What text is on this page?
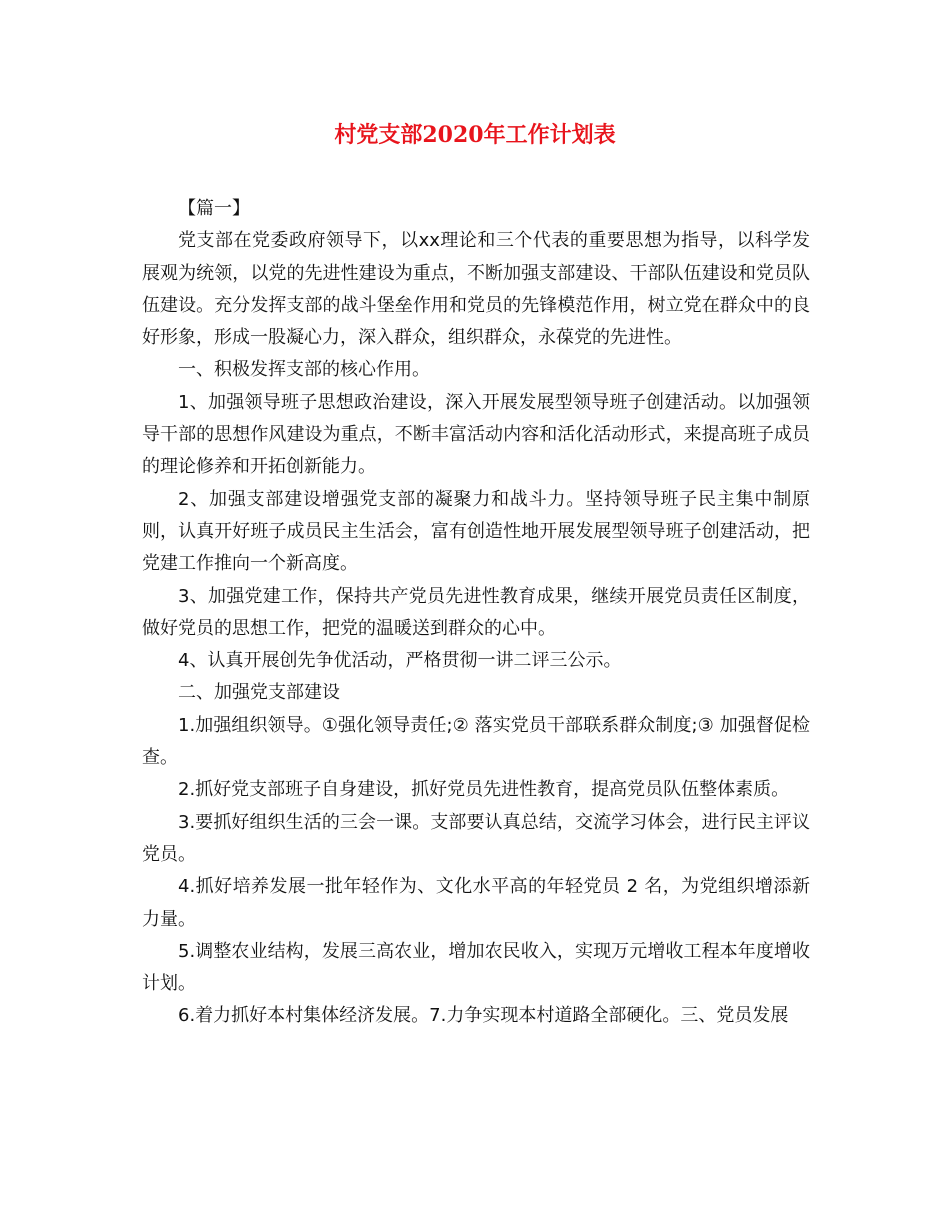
村党支部2020年工作计划表

【篇一】

党支部在党委政府领导下，以xx理论和三个代表的重要思想为指导，以科学发展观为统领，以党的先进性建设为重点，不断加强支部建设、干部队伍建设和党员队伍建设。充分发挥支部的战斗堡垒作用和党员的先锋模范作用，树立党在群众中的良好形象，形成一股凝心力，深入群众，组织群众，永葆党的先进性。

一、积极发挥支部的核心作用。

1、加强领导班子思想政治建设，深入开展发展型领导班子创建活动。以加强领导干部的思想作风建设为重点，不断丰富活动内容和活化活动形式，来提高班子成员的理论修养和开拓创新能力。

2、加强支部建设增强党支部的凝聚力和战斗力。坚持领导班子民主集中制原则，认真开好班子成员民主生活会，富有创造性地开展发展型领导班子创建活动，把党建工作推向一个新高度。

3、加强党建工作，保持共产党员先进性教育成果，继续开展党员责任区制度，做好党员的思想工作，把党的温暖送到群众的心中。

4、认真开展创先争优活动，严格贯彻一讲二评三公示。

二、加强党支部建设

1.加强组织领导。①强化领导责任;② 落实党员干部联系群众制度;③ 加强督促检查。

2.抓好党支部班子自身建设，抓好党员先进性教育，提高党员队伍整体素质。

3.要抓好组织生活的三会一课。支部要认真总结，交流学习体会，进行民主评议党员。

4.抓好培养发展一批年轻作为、文化水平高的年轻党员 2 名，为党组织增添新力量。

5.调整农业结构，发展三高农业，增加农民收入，实现万元增收工程本年度增收计划。

6.着力抓好本村集体经济发展。7.力争实现本村道路全部硬化。三、党员发展
